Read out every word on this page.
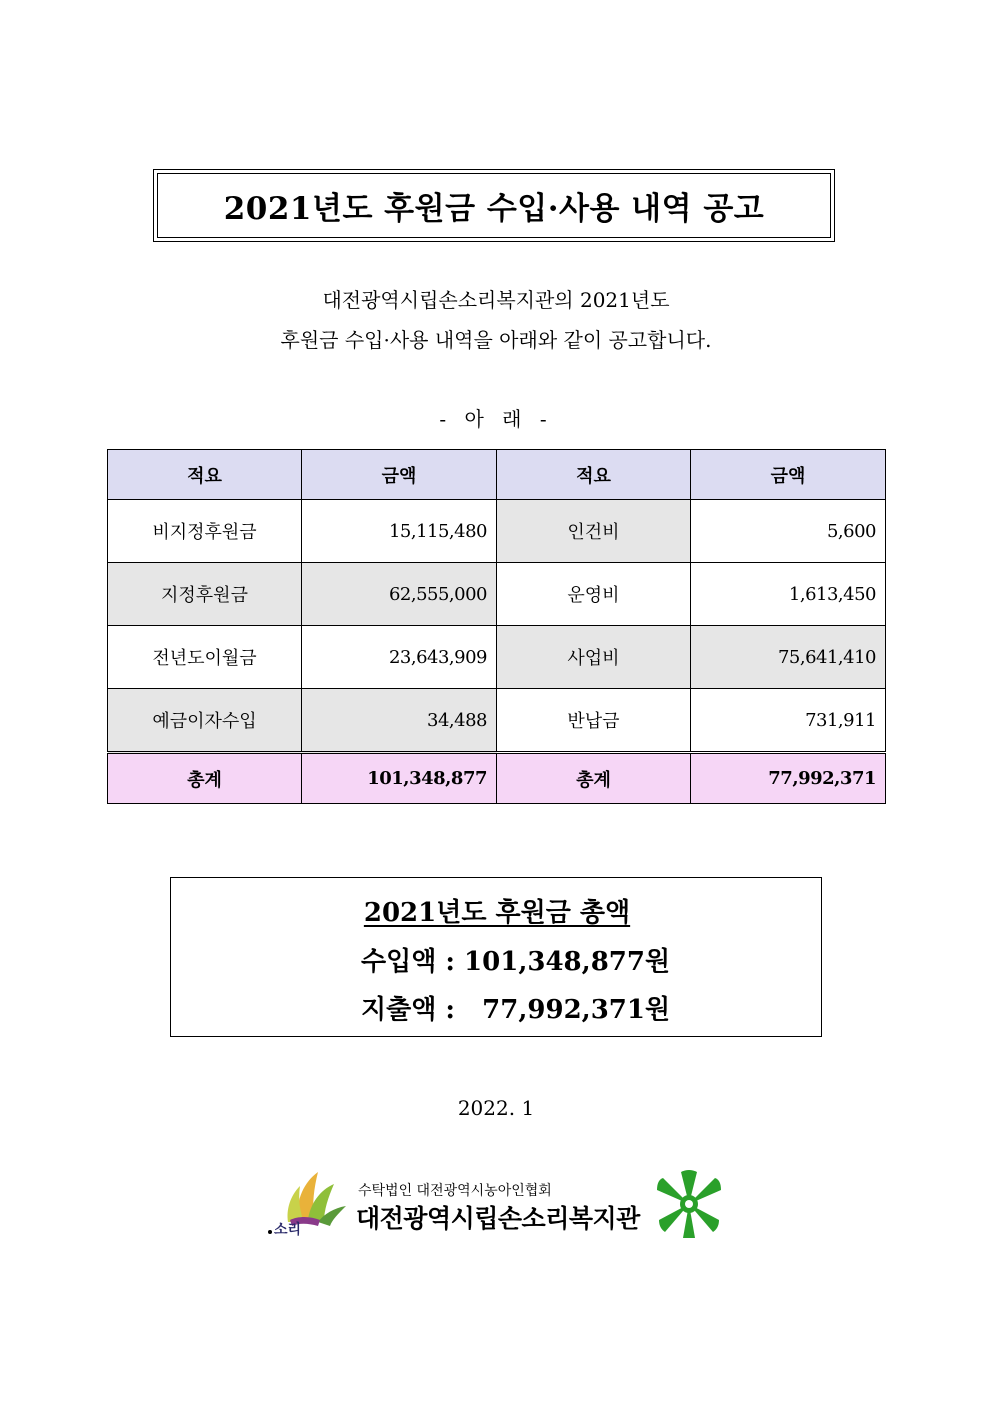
2021년도 후원금 수입·사용 내역 공고
대전광역시립손소리복지관의 2021년도
후원금 수입·사용 내역을 아래와 같이 공고합니다.
- 아 래 -
적요	금액	적요	금액
비지정후원금	15,115,480	인건비	5,600
지정후원금	62,555,000	운영비	1,613,450
전년도이월금	23,643,909	사업비	75,641,410
예금이자수입	34,488	반납금	731,911
총계	101,348,877	총계	77,992,371
2021년도 후원금 총액
수입액 : 101,348,877원
지출액 :   77,992,371원
2022. 1
소리
수탁법인 대전광역시농아인협회
대전광역시립손소리복지관
